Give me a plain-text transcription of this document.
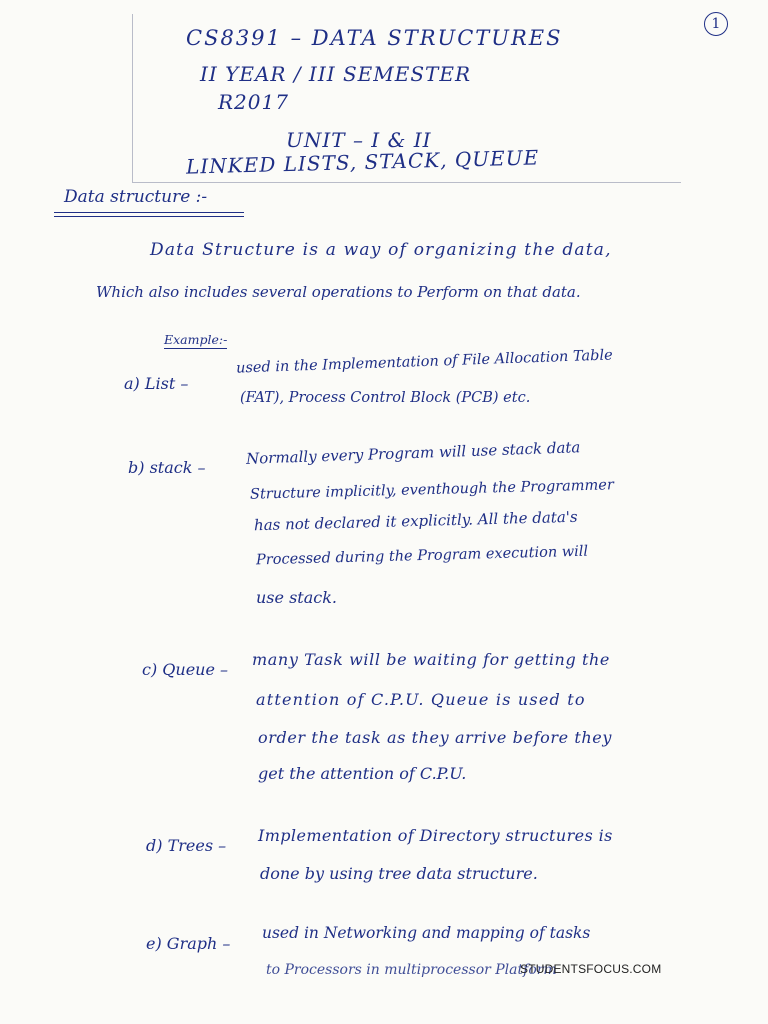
CS8391 – DATA STRUCTURES
II YEAR / III SEMESTER
R2017
UNIT – I & II
LINKED LISTS, STACK, QUEUE
1
Data structure :-
Data Structure is a way of organizing the data,
Which also includes several operations to Perform on that data.
Example:-
a) List –
used in the Implementation of File Allocation Table
(FAT), Process Control Block (PCB) etc.
b) stack –	Normally every Program will use stack data
Structure implicitly, eventhough the Programmer
has not declared it explicitly. All the data's
Processed during the Program execution will
use stack.
c) Queue –
many Task will be waiting for getting the
attention of C.P.U. Queue is used to
order the task as they arrive before they
get the attention of C.P.U.
d) Trees –
Implementation of Directory structures is
done by using tree data structure.
e) Graph –
used in Networking and mapping of tasks
to Processors in multiprocessor Platform
STUDENTSFOCUS.COM
